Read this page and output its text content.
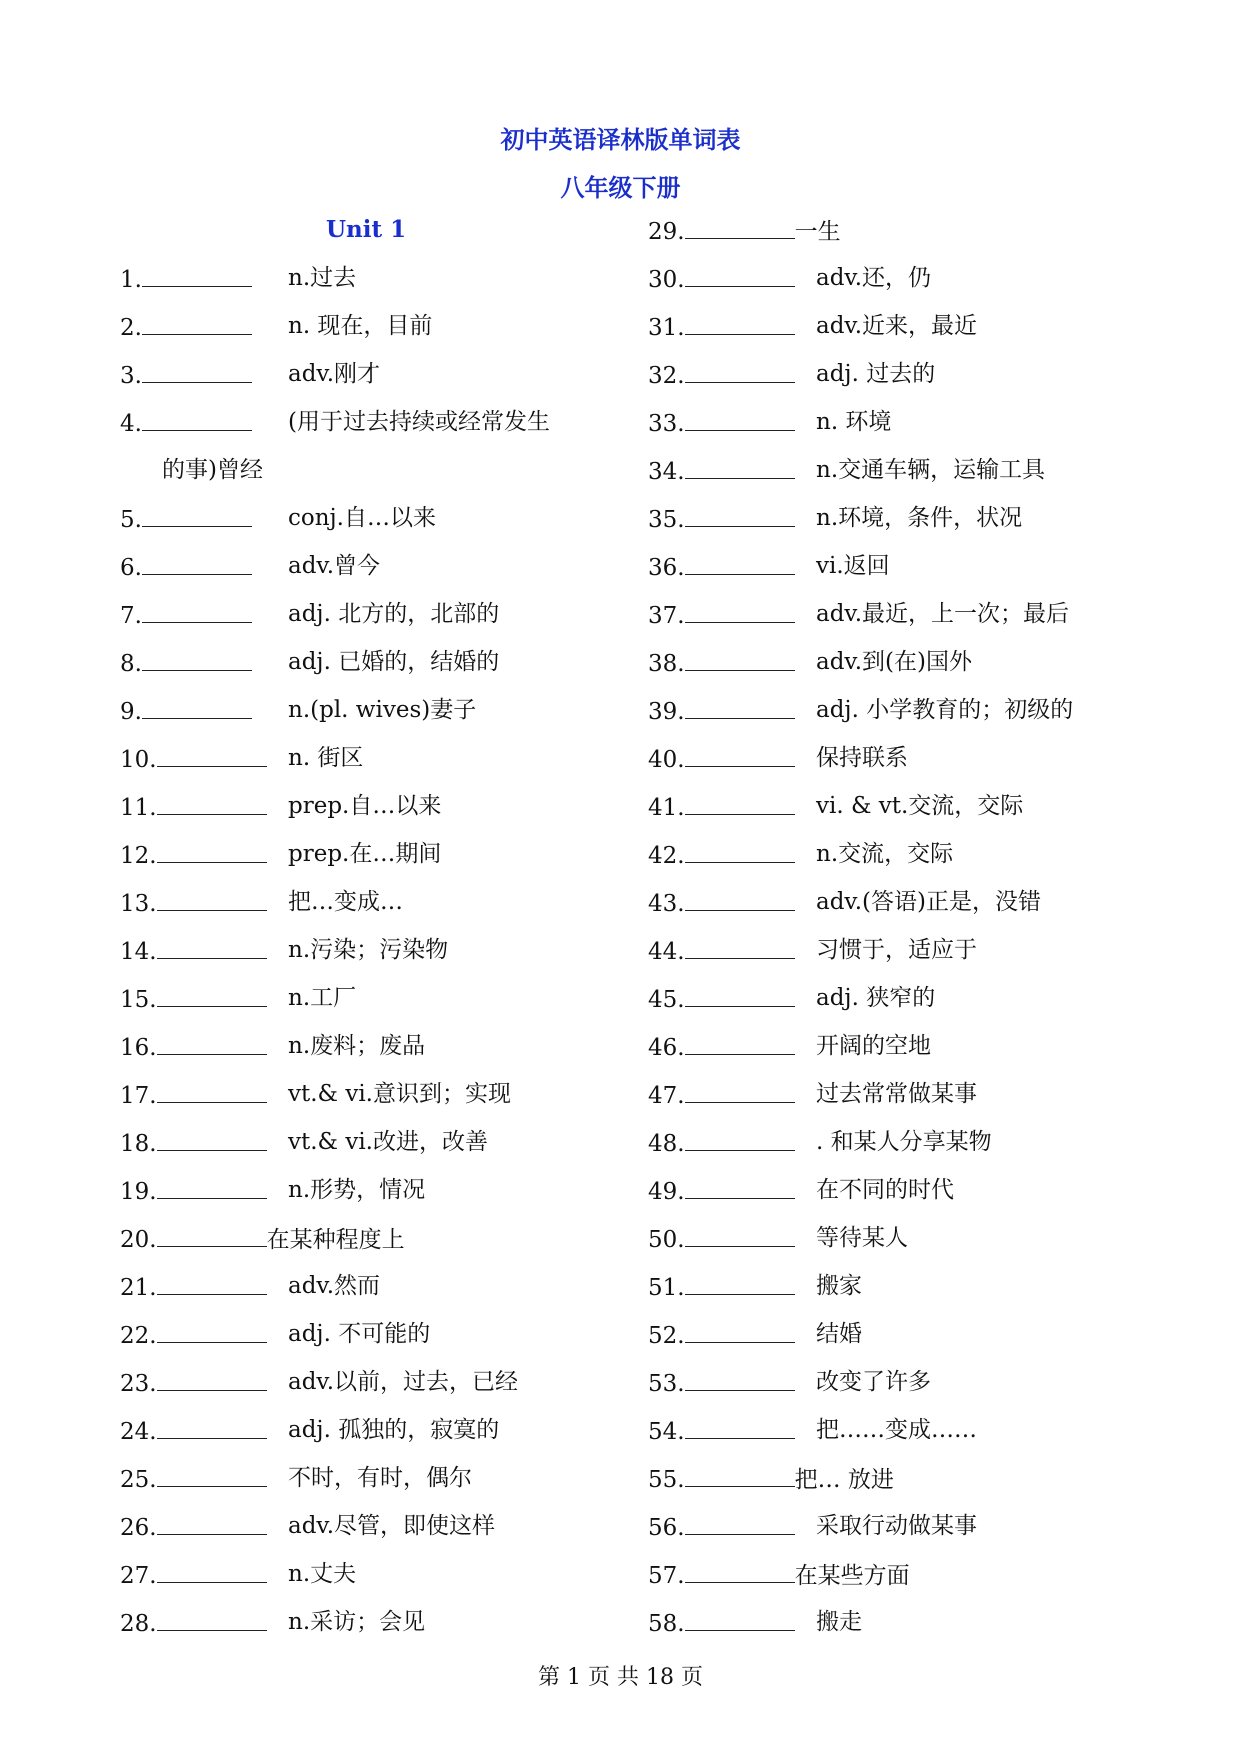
初中英语译林版单词表
八年级下册
Unit 1
1.	n.过去
2.	n. 现在，目前
3.	adv.刚才
4.	(用于过去持续或经常发生
的事)曾经
5.	conj.自…以来
6.	adv.曾今
7.	adj. 北方的，北部的
8.	adj. 已婚的，结婚的
9.	n.(pl. wives)妻子
10.	n. 街区
11.	prep.自…以来
12.	prep.在…期间
13.	把…变成…
14.	n.污染；污染物
15.	n.工厂
16.	n.废料；废品
17.	vt.& vi.意识到；实现
18.	vt.& vi.改进，改善
19.	n.形势，情况
20.	在某种程度上
21.	adv.然而
22.	adj. 不可能的
23.	adv.以前，过去，已经
24.	adj. 孤独的，寂寞的
25.	不时，有时，偶尔
26.	adv.尽管，即使这样
27.	n.丈夫
28.	n.采访；会见
29.	一生
30.	adv.还，仍
31.	adv.近来，最近
32.	adj. 过去的
33.	n. 环境
34.	n.交通车辆，运输工具
35.	n.环境，条件，状况
36.	vi.返回
37.	adv.最近，上一次；最后
38.	adv.到(在)国外
39.	adj. 小学教育的；初级的
40.	保持联系
41.	vi. & vt.交流，交际
42.	n.交流，交际
43.	adv.(答语)正是，没错
44.	习惯于，适应于
45.	adj. 狭窄的
46.	开阔的空地
47.	过去常常做某事
48.	. 和某人分享某物
49.	在不同的时代
50.	等待某人
51.	搬家
52.	结婚
53.	改变了许多
54.	把……变成……
55.	把… 放进
56.	采取行动做某事
57.	在某些方面
58.	搬走
第 1 页 共 18 页
